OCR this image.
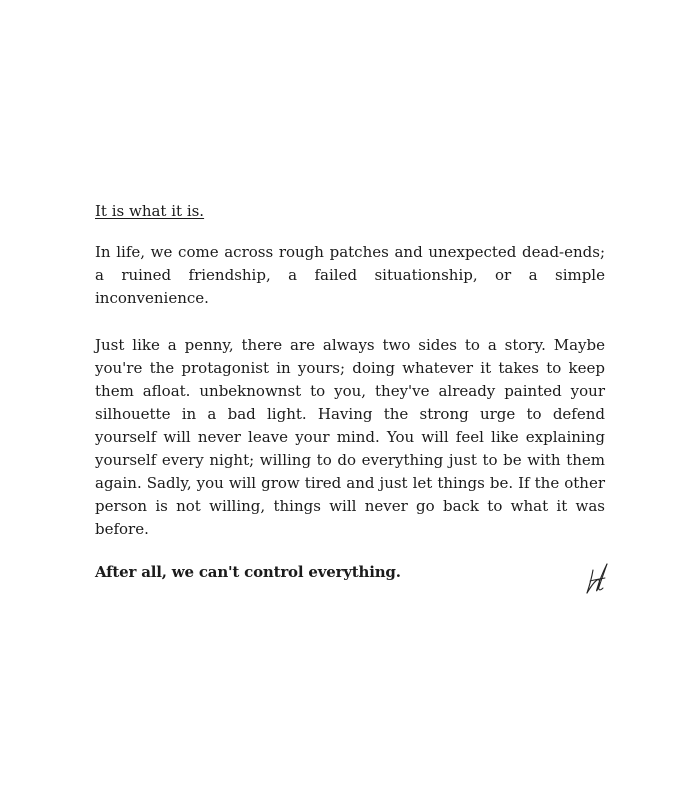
It is what it is.

In life, we come across rough patches and unexpected dead-ends; a ruined friendship, a failed situationship, or a simple inconvenience.

Just like a penny, there are always two sides to a story. Maybe you're the protagonist in yours; doing whatever it takes to keep them afloat. unbeknownst to you, they've already painted your silhouette in a bad light. Having the strong urge to defend yourself will never leave your mind. You will feel like explaining yourself every night; willing to do everything just to be with them again. Sadly, you will grow tired and just let things be. If the other person is not willing, things will never go back to what it was before.

After all, we can't control everything.
